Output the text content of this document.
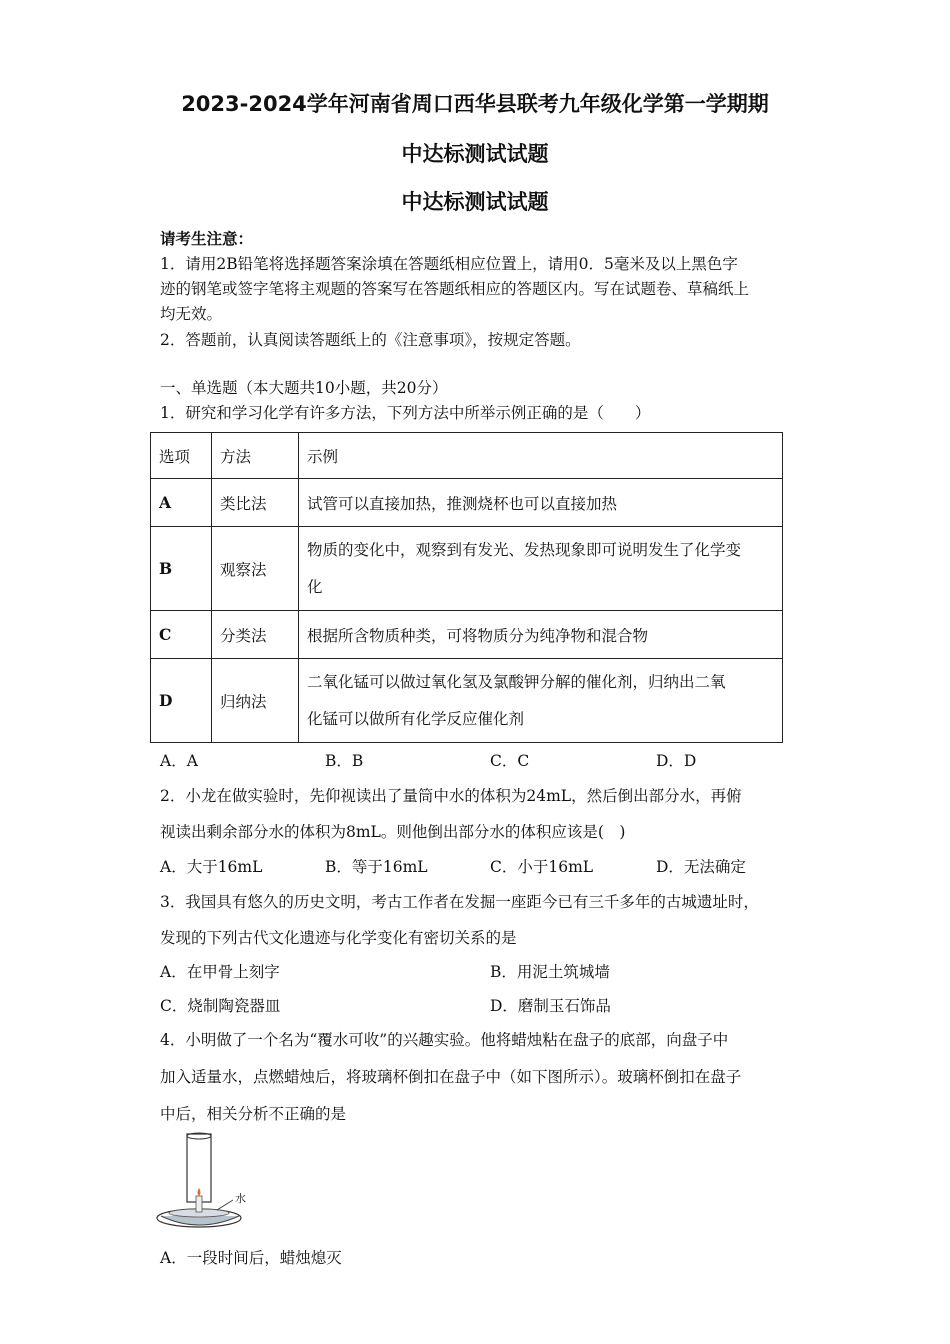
2023-2024学年河南省周口西华县联考九年级化学第一学期期
中达标测试试题
中达标测试试题
请考生注意：
1．请用2B铅笔将选择题答案涂填在答题纸相应位置上，请用0．5毫米及以上黑色字
迹的钢笔或签字笔将主观题的答案写在答题纸相应的答题区内。写在试题卷、草稿纸上
均无效。
2．答题前，认真阅读答题纸上的《注意事项》，按规定答题。
一、单选题（本大题共10小题，共20分）
1．研究和学习化学有许多方法，下列方法中所举示例正确的是（　　）
选项	方法	示例
A	类比法	试管可以直接加热，推测烧杯也可以直接加热

B	观察法	物质的变化中，观察到有发光、发热现象即可说明发生了化学变
化

C	分类法	根据所含物质种类，可将物质分为纯净物和混合物

D	归纳法	二氧化锰可以做过氧化氢及氯酸钾分解的催化剂，归纳出二氧
化锰可以做所有化学反应催化剂
A．A	B．B	C．C	D．D
2．小龙在做实验时，先仰视读出了量筒中水的体积为24mL，然后倒出部分水，再俯
视读出剩余部分水的体积为8mL。则他倒出部分水的体积应该是(　)
A．大于16mL	B．等于16mL	C．小于16mL	D．无法确定
3．我国具有悠久的历史文明，考古工作者在发掘一座距今已有三千多年的古城遗址时，
发现的下列古代文化遗迹与化学变化有密切关系的是
A．在甲骨上刻字	B．用泥土筑城墙
C．烧制陶瓷器皿	D．磨制玉石饰品
4．小明做了一个名为“覆水可收”的兴趣实验。他将蜡烛粘在盘子的底部，向盘子中
加入适量水，点燃蜡烛后，将玻璃杯倒扣在盘子中（如下图所示）。玻璃杯倒扣在盘子
中后，相关分析不正确的是
水
A．一段时间后，蜡烛熄灭
